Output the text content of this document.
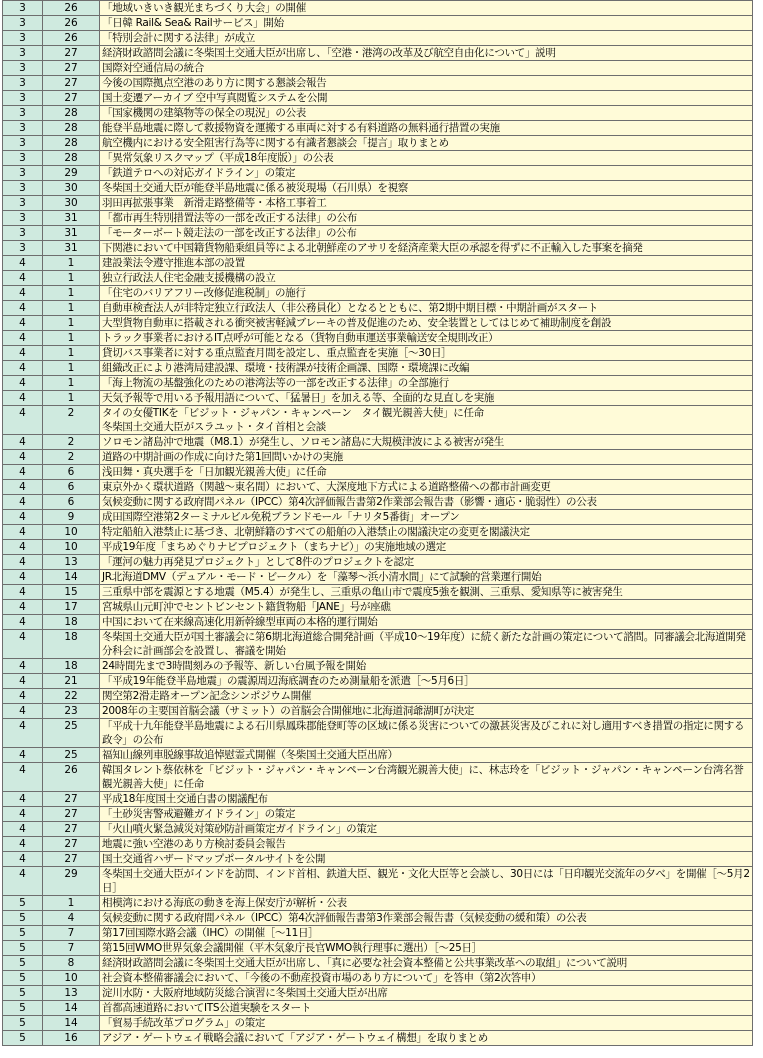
3	26	「地域いきいき観光まちづくり大会」の開催
3	26	「日韓 Rail& Sea& Railサービス」開始
3	26	「特別会計に関する法律」が成立
3	27	経済財政諮問会議に冬柴国土交通大臣が出席し、「空港・港湾の改革及び航空自由化について」説明
3	27	国際対空通信局の統合
3	27	今後の国際拠点空港のあり方に関する懇談会報告
3	27	国土変遷アーカイブ 空中写真閲覧システムを公開
3	28	「国家機関の建築物等の保全の現況」の公表
3	28	能登半島地震に際して救援物資を運搬する車両に対する有料道路の無料通行措置の実施
3	28	航空機内における安全阻害行為等に関する有識者懇談会「提言」取りまとめ
3	28	「異常気象リスクマップ（平成18年度版）」の公表
3	29	「鉄道テロへの対応ガイドライン」の策定
3	30	冬柴国土交通大臣が能登半島地震に係る被災現場（石川県）を視察
3	30	羽田再拡張事業　新滑走路整備等・本格工事着工
3	31	「都市再生特別措置法等の一部を改正する法律」の公布
3	31	「モーターボート競走法の一部を改正する法律」の公布
3	31	下関港において中国籍貨物船乗組員等による北朝鮮産のアサリを経済産業大臣の承認を得ずに不正輸入した事案を摘発
4	1	建設業法令遵守推進本部の設置
4	1	独立行政法人住宅金融支援機構の設立
4	1	「住宅のバリアフリー改修促進税制」の施行
4	1	自動車検査法人が非特定独立行政法人（非公務員化）となるとともに、第2期中期目標・中期計画がスタート
4	1	大型貨物自動車に搭載される衝突被害軽減ブレーキの普及促進のため、安全装置としてはじめて補助制度を創設
4	1	トラック事業者におけるIT点呼が可能となる（貨物自動車運送事業輸送安全規則改正）
4	1	貸切バス事業者に対する重点監査月間を設定し、重点監査を実施［～30日］
4	1	組織改正により港湾局建設課、環境・技術課が技術企画課、国際・環境課に改編
4	1	「海上物流の基盤強化のための港湾法等の一部を改正する法律」の全部施行
4	1	天気予報等で用いる予報用語について、「猛暑日」を加える等、全面的な見直しを実施
4	2	タイの女優TIKを「ビジット・ジャパン・キャンペーン　タイ観光親善大使」に任命
冬柴国土交通大臣がスラユット・タイ首相と会談
4	2	ソロモン諸島沖で地震（M8.1）が発生し、ソロモン諸島に大規模津波による被害が発生
4	2	道路の中期計画の作成に向けた第1回問いかけの実施
4	6	浅田舞・真央選手を「日加観光親善大使」に任命
4	6	東京外かく環状道路（関越～東名間）において、大深度地下方式による道路整備への都市計画変更
4	6	気候変動に関する政府間パネル（IPCC）第4次評価報告書第2作業部会報告書（影響・適応・脆弱性）の公表
4	9	成田国際空港第2ターミナルビル免税ブランドモール「ナリタ5番街」オープン
4	10	特定船舶入港禁止に基づき、北朝鮮籍のすべての船舶の入港禁止の閣議決定の変更を閣議決定
4	10	平成19年度「まちめぐりナビプロジェクト（まちナビ）」の実施地域の選定
4	13	「運河の魅力再発見プロジェクト」として8件のプロジェクトを認定
4	14	JR北海道DMV（デュアル・モード・ビークル）を「藻琴～浜小清水間」にて試験的営業運行開始
4	15	三重県中部を震源とする地震（M5.4）が発生し、三重県の亀山市で震度5強を観測、三重県、愛知県等に被害発生
4	17	宮城県山元町沖でセントビンセント籍貨物船「JANE」号が座礁
4	18	中国において在来線高速化用新幹線型車両の本格的運行開始
4	18	冬柴国土交通大臣が国土審議会に第6期北海道総合開発計画（平成10～19年度）に続く新たな計画の策定について諮問。同審議会北海道開発分科会に計画部会を設置し、審議を開始
4	18	24時間先まで3時間刻みの予報等、新しい台風予報を開始
4	21	「平成19年能登半島地震」の震源周辺海底調査のため測量船を派遣［～5月6日］
4	22	関空第2滑走路オープン記念シンポジウム開催
4	23	2008年の主要国首脳会議（サミット）の首脳会合開催地に北海道洞爺湖町が決定
4	25	「平成十九年能登半島地震による石川県鳳珠郡能登町等の区域に係る災害についての激甚災害及びこれに対し適用すべき措置の指定に関する政令」の公布
4	25	福知山線列車脱線事故追悼慰霊式開催（冬柴国土交通大臣出席）
4	26	韓国タレント蔡依林を「ビジット・ジャパン・キャンペーン台湾観光親善大使」に、林志玲を「ビジット・ジャパン・キャンペーン台湾名誉観光親善大使」に任命
4	27	平成18年度国土交通白書の閣議配布
4	27	「土砂災害警戒避難ガイドライン」の策定
4	27	「火山噴火緊急減災対策砂防計画策定ガイドライン」の策定
4	27	地震に強い空港のあり方検討委員会報告
4	27	国土交通省ハザードマップポータルサイトを公開
4	29	冬柴国土交通大臣がインドを訪問、インド首相、鉄道大臣、観光・文化大臣等と会談し、30日には「日印観光交流年の夕べ」を開催［～5月2日］
5	1	相模湾における海底の動きを海上保安庁が解析・公表
5	4	気候変動に関する政府間パネル（IPCC）第4次評価報告書第3作業部会報告書（気候変動の緩和策）の公表
5	7	第17回国際水路会議（IHC）の開催［～11日］
5	7	第15回WMO世界気象会議開催（平木気象庁長官WMO執行理事に選出）［～25日］
5	8	経済財政諮問会議に冬柴国土交通大臣が出席し、「真に必要な社会資本整備と公共事業改革への取組」について説明
5	10	社会資本整備審議会において、「今後の不動産投資市場のあり方について」を答申（第2次答申）
5	13	淀川水防・大阪府地域防災総合演習に冬柴国土交通大臣が出席
5	14	首都高速道路においてITS公道実験をスタート
5	14	「貿易手続改革プログラム」の策定
5	16	アジア・ゲートウェイ戦略会議において「アジア・ゲートウェイ構想」を取りまとめ
